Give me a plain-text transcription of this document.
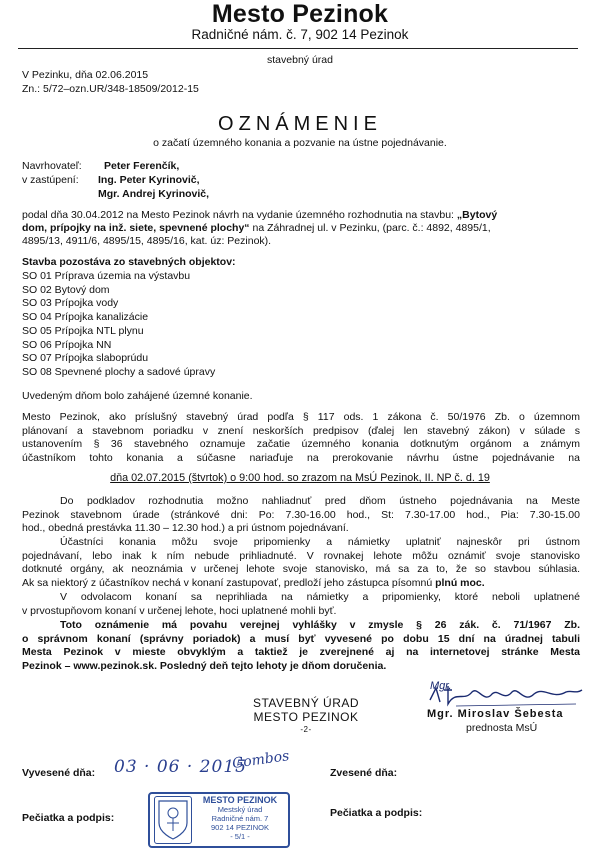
Mesto Pezinok
Radničné nám. č. 7, 902 14 Pezinok
stavebný úrad
V Pezinku, dňa 02.06.2015
Zn.: 5/72–ozn.UR/348-18509/2012-15
OZNÁMENIE
o začatí územného konania a pozvanie na ústne pojednávanie.
Navrhovateľ: Peter Ferenčík,
v zastúpení: Ing. Peter Kyrinovič,
Mgr. Andrej Kyrinovič,
podal dňa 30.04.2012 na Mesto Pezinok návrh na vydanie územného rozhodnutia na stavbu: „Bytový
dom, prípojky na inž. siete, spevnené plochy“ na Záhradnej ul. v Pezinku, (parc. č.: 4892, 4895/1,
4895/13, 4911/6, 4895/15, 4895/16, kat. úz: Pezinok).
Stavba pozostáva zo stavebných objektov:
SO 01 Príprava územia na výstavbu
SO 02 Bytový dom
SO 03 Prípojka vody
SO 04 Prípojka kanalizácie
SO 05 Prípojka NTL plynu
SO 06 Prípojka NN
SO 07 Prípojka slaboprúdu
SO 08 Spevnené plochy a sadové úpravy
Uvedeným dňom bolo zahájené územné konanie.
Mesto Pezinok, ako príslušný stavebný úrad podľa § 117 ods. 1 zákona č. 50/1976 Zb. o územnom
plánovaní a stavebnom poriadku v znení neskorších predpisov (ďalej len stavebný zákon) v súlade s
ustanovením § 36 stavebného oznamuje začatie územného konania dotknutým orgánom a známym
účastníkom tohto konania a súčasne nariaďuje na prerokovanie návrhu ústne pojednávanie na
dňa 02.07.2015 (štvrtok) o 9:00 hod. so zrazom na MsÚ Pezinok, II. NP č. d. 19
Do podkladov rozhodnutia možno nahliadnuť pred dňom ústneho pojednávania na Meste
Pezinok stavebnom úrade (stránkové dni: Po: 7.30-16.00 hod., St: 7.30-17.00 hod., Pia: 7.30-15.00
hod., obedná prestávka 11.30 – 12.30 hod.) a pri ústnom pojednávaní.
Účastníci konania môžu svoje pripomienky a námietky uplatniť najneskôr pri ústnom
pojednávaní, lebo inak k ním nebude prihliadnuté. V rovnakej lehote môžu oznámiť svoje stanovisko
dotknuté orgány, ak neoznámia v určenej lehote svoje stanovisko, má sa za to, že so stavbou súhlasia.
Ak sa niektorý z účastníkov nechá v konaní zastupovať, predloží jeho zástupca písomnú plnú moc.
V odvolacom konaní sa neprihliada na námietky a pripomienky, ktoré neboli uplatnené
v prvostupňovom konaní v určenej lehote, hoci uplatnené mohli byť.
Toto oznámenie má povahu verejnej vyhlášky v zmysle § 26 zák. č. 71/1967 Zb.
o správnom konaní (správny poriadok) a musí byť vyvesené po dobu 15 dní na úradnej tabuli
Mesta Pezinok v mieste obvyklým a taktiež je zverejnené aj na internetovej stránke Mesta
Pezinok – www.pezinok.sk. Posledný deň tejto lehoty je dňom doručenia.
STAVEBNÝ ÚRAD
MESTO PEZINOK
-2-
Mgr.
Mgr. Miroslav Šebesta
prednosta MsÚ
Vyvesené dňa: 03 · 06 · 2015
Gombos
Zvesené dňa:
Pečiatka a podpis:	Pečiatka a podpis:
MESTO PEZINOK
Mestský úrad
Radničné nám. 7
902 14 PEZINOK
- 5/1 -
